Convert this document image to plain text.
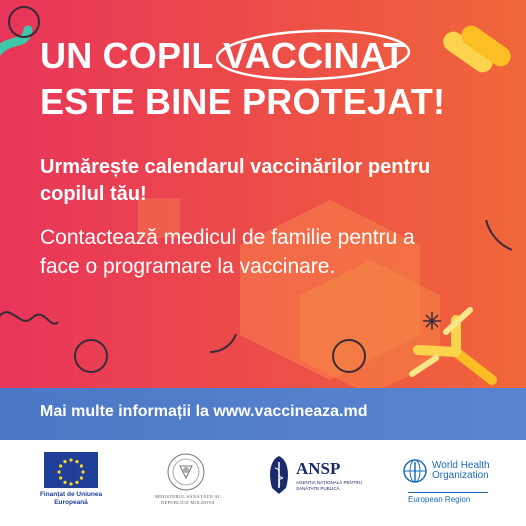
UN COPIL VACCINAT
ESTE BINE PROTEJAT!
Urmărește calendarul vaccinărilor pentru copilul tău!
Contactează medicul de familie pentru a face o programare la vaccinare.
Mai multe informații la www.vaccineaza.md
Finanțat de Uniunea Europeană
MINISTERUL SĂNĂTĂȚII AL REPUBLICII MOLDOVA
ANSP
AGENȚIA NAȚIONALĂ PENTRU SĂNĂTATE PUBLICĂ
World Health Organization
European Region
